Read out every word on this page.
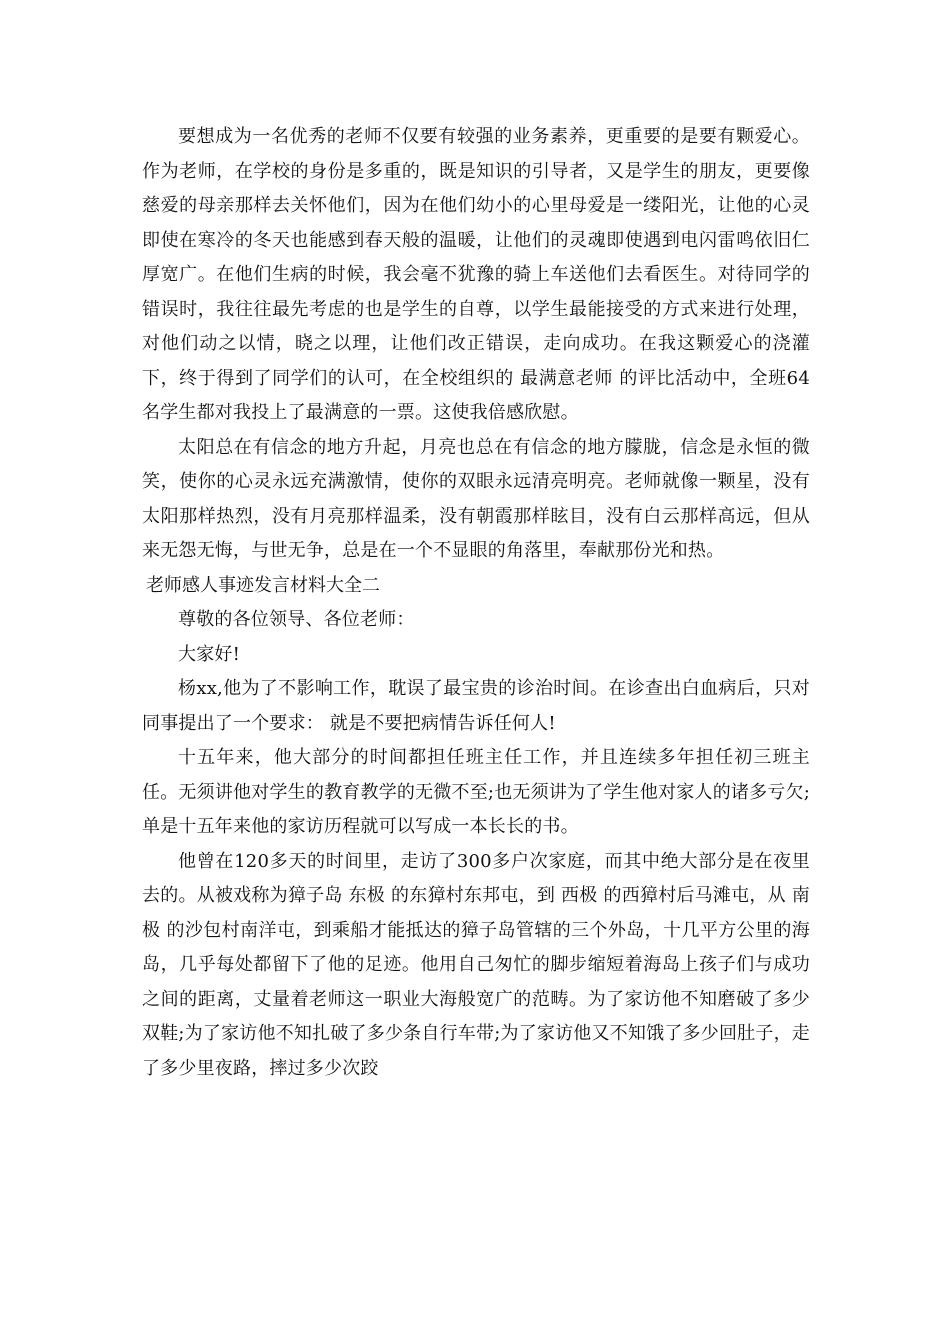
要想成为一名优秀的老师不仅要有较强的业务素养，更重要的是要有颗爱心。作为老师，在学校的身份是多重的，既是知识的引导者，又是学生的朋友，更要像慈爱的母亲那样去关怀他们，因为在他们幼小的心里母爱是一缕阳光，让他的心灵即使在寒冷的冬天也能感到春天般的温暖，让他们的灵魂即使遇到电闪雷鸣依旧仁厚宽广。在他们生病的时候，我会毫不犹豫的骑上车送他们去看医生。对待同学的错误时，我往往最先考虑的也是学生的自尊，以学生最能接受的方式来进行处理，对他们动之以情，晓之以理，让他们改正错误，走向成功。在我这颗爱心的浇灌下，终于得到了同学们的认可，在全校组织的 最满意老师 的评比活动中，全班64名学生都对我投上了最满意的一票。这使我倍感欣慰。

太阳总在有信念的地方升起，月亮也总在有信念的地方朦胧，信念是永恒的微笑，使你的心灵永远充满激情，使你的双眼永远清亮明亮。老师就像一颗星，没有太阳那样热烈，没有月亮那样温柔，没有朝霞那样眩目，没有白云那样高远，但从来无怨无悔，与世无争，总是在一个不显眼的角落里，奉献那份光和热。

老师感人事迹发言材料大全二

尊敬的各位领导、各位老师：

大家好!

杨xx,他为了不影响工作，耽误了最宝贵的诊治时间。在诊查出白血病后，只对同事提出了一个要求： 就是不要把病情告诉任何人!

十五年来，他大部分的时间都担任班主任工作，并且连续多年担任初三班主任。无须讲他对学生的教育教学的无微不至;也无须讲为了学生他对家人的诸多亏欠;单是十五年来他的家访历程就可以写成一本长长的书。

他曾在120多天的时间里，走访了300多户次家庭，而其中绝大部分是在夜里去的。从被戏称为獐子岛 东极 的东獐村东邦屯，到 西极 的西獐村后马滩屯，从 南极 的沙包村南洋屯，到乘船才能抵达的獐子岛管辖的三个外岛，十几平方公里的海岛，几乎每处都留下了他的足迹。他用自己匆忙的脚步缩短着海岛上孩子们与成功之间的距离，丈量着老师这一职业大海般宽广的范畴。为了家访他不知磨破了多少双鞋;为了家访他不知扎破了多少条自行车带;为了家访他又不知饿了多少回肚子，走了多少里夜路，摔过多少次跤
